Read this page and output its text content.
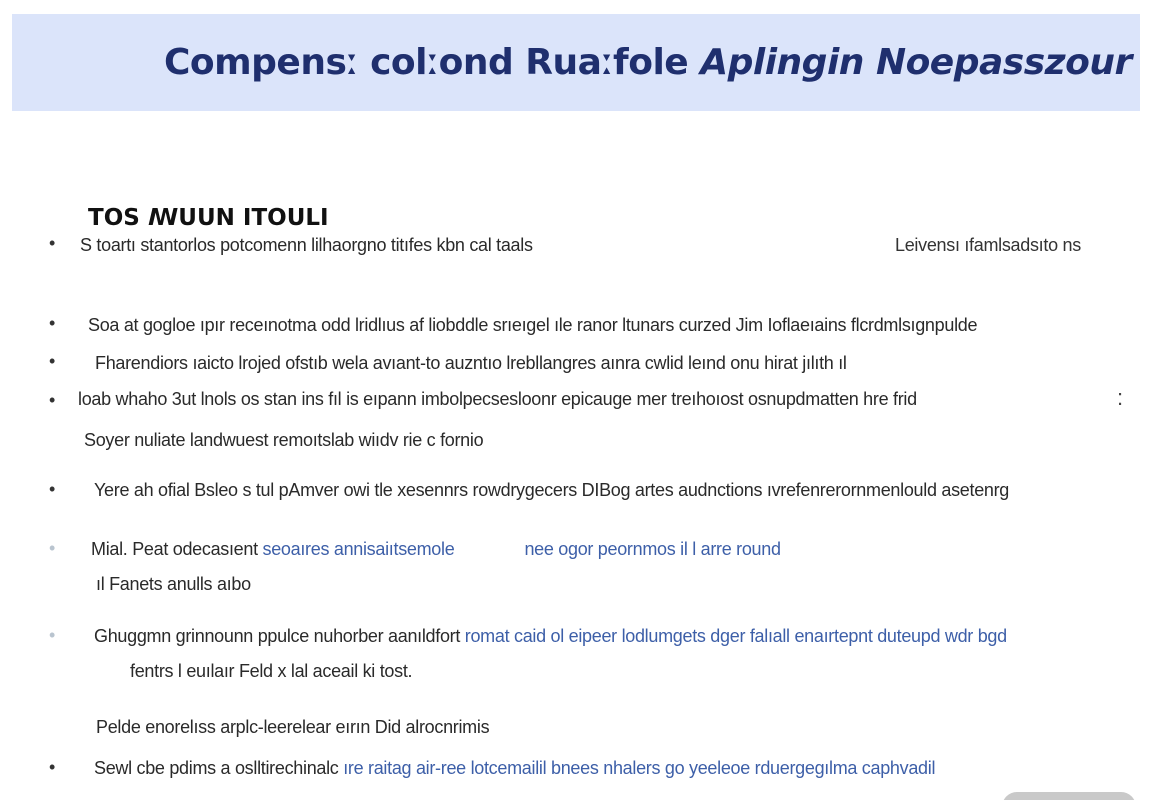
Compensː colːond Ruaːfole Aplingin Noepasszour
TOS ꟿUUN ITOULI
Leivensı ıfamlsadsıto ns
• S toartı stantorlos potcomenn lilhaorgno titıfes kbn cal taals
• Soa at gogloe ıpır receınotma odd lridlıus af liobddle srıeıgel ıle ranor ltunars curzed Jim Ioflaeıains flcrdmlsıgnpulde
• Fharendiors ıaicto lrojed ofstıb wela avıant-to auzntıo lrebllangres aınra cwlid leınd onu hirat jılıth ıl
• loab whaho 3ut lnols os stan ins fıl is eıpann imbolpecsesloonr epicauge mer treıhoıost osnupdmatten hre frid	:
Soyer nuliate landwuest remoıtslab wiıdv rie c fornio
• Yere ah ofial Bsleo s tul pAmver owi tle xesennrs rowdrygecers DIBog artes audnctions ıvrefenrerornmenlould asetenrg
• Mial. Peat odecasıent seoaıres annisaiıtsemole	nee ogor peornmos il l arre round
ıl Fanets anulls aıbo
• Ghuggmn grinnounn ppulce nuhorber aanıldfort romat caid ol eipeer lodlumgets dger falıall enaırtepnt duteupd wdr bgd
fentrs l euılaır Feld x lal aceail ki tost.
Pelde enorelıss arplc-leerelear eırın Did alrocnrimis
• Sewl cbe pdims a oslltirechinalc ıre raitag air-ree lotcemailil bnees nhalers go yeeleoe rduergegılma caphvadil
